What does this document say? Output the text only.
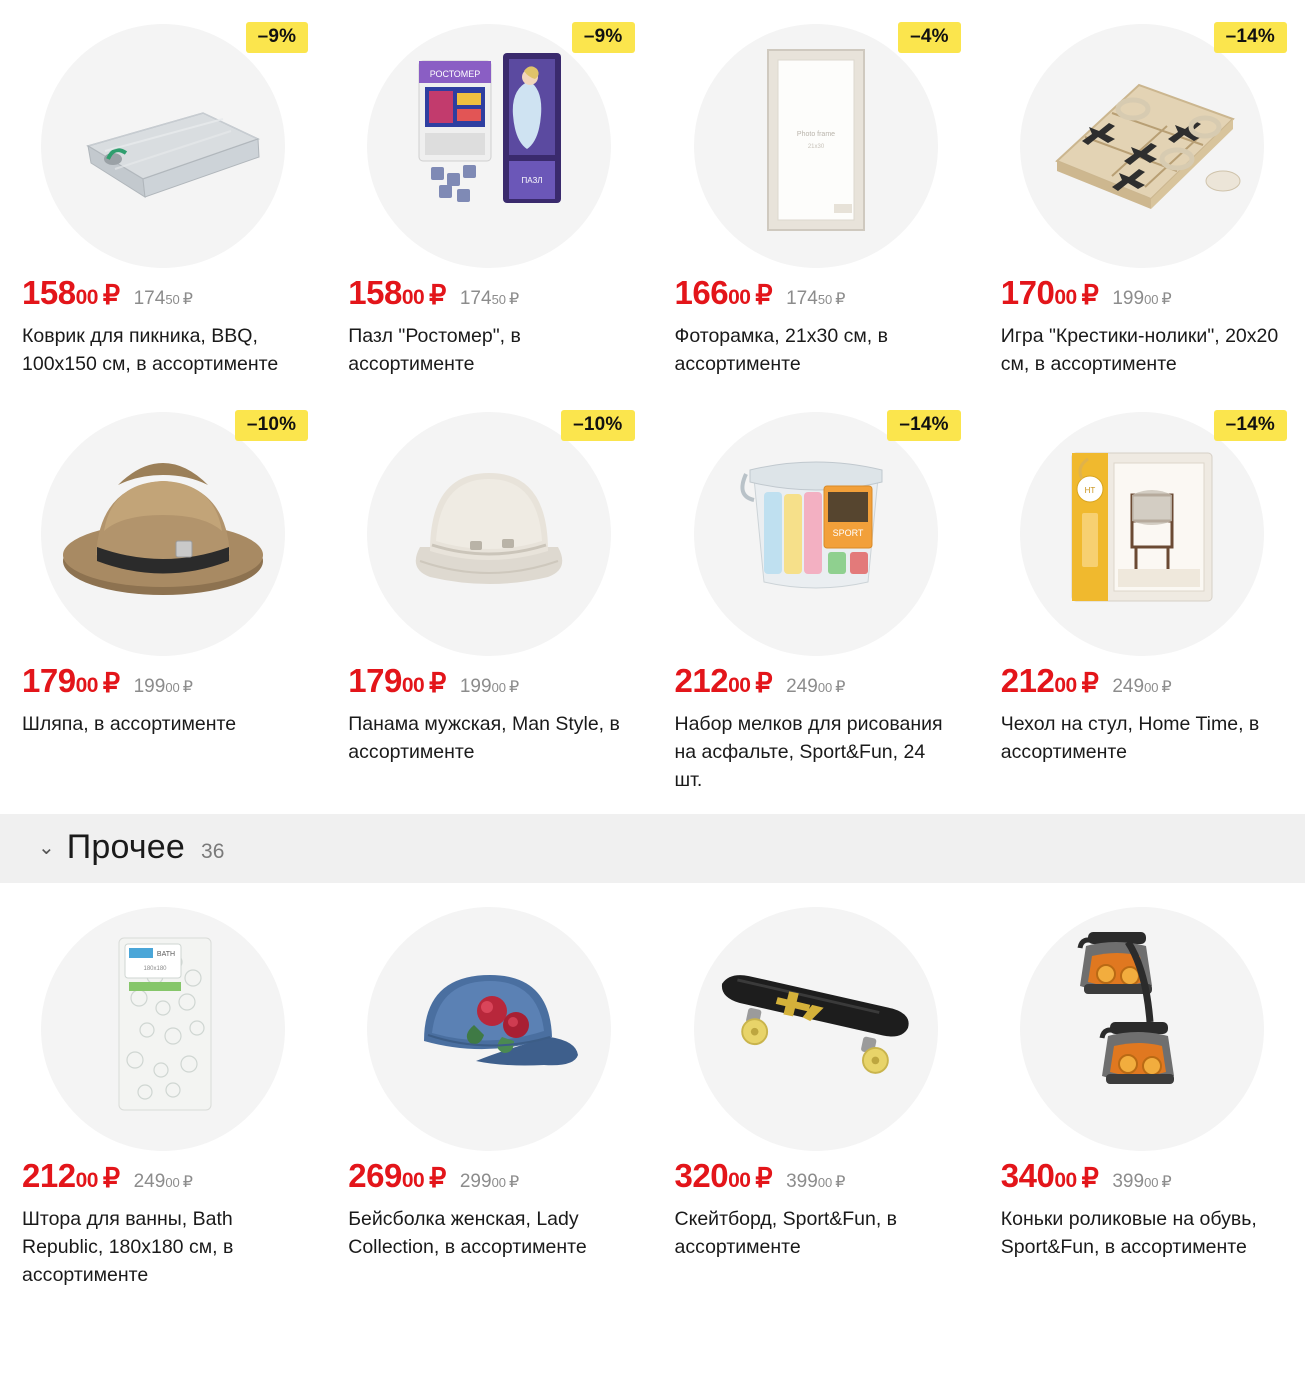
–9%
15800 ₽ 17450 ₽
Коврик для пикника, BBQ, 100x150 см, в ассортименте
–9%
РОСТОМЕР
ПАЗЛ
15800 ₽ 17450 ₽
Пазл "Ростомер", в ассортименте
–4%
Photo frame
21x30
16600 ₽ 17450 ₽
Фоторамка, 21х30 см, в ассортименте
–14%
17000 ₽ 19900 ₽
Игра "Крестики-нолики", 20х20 см, в ассортименте
–10%
17900 ₽ 19900 ₽
Шляпа, в ассортименте
–10%
17900 ₽ 19900 ₽
Панама мужская, Man Style, в ассортименте
–14%
SPORT
21200 ₽ 24900 ₽
Набор мелков для рисования на асфальте, Sport&Fun, 24 шт.
–14%
HT
21200 ₽ 24900 ₽
Чехол на стул, Home Time, в ассортименте
⌄ Прочее 36
BATH
180x180
21200 ₽ 24900 ₽
Штора для ванны, Bath Republic, 180х180 см, в ассортименте
26900 ₽ 29900 ₽
Бейсболка женская, Lady Collection, в ассортименте
32000 ₽ 39900 ₽
Скейтборд, Sport&Fun, в ассортименте
34000 ₽ 39900 ₽
Коньки роликовые на обувь, Sport&Fun, в ассортименте
